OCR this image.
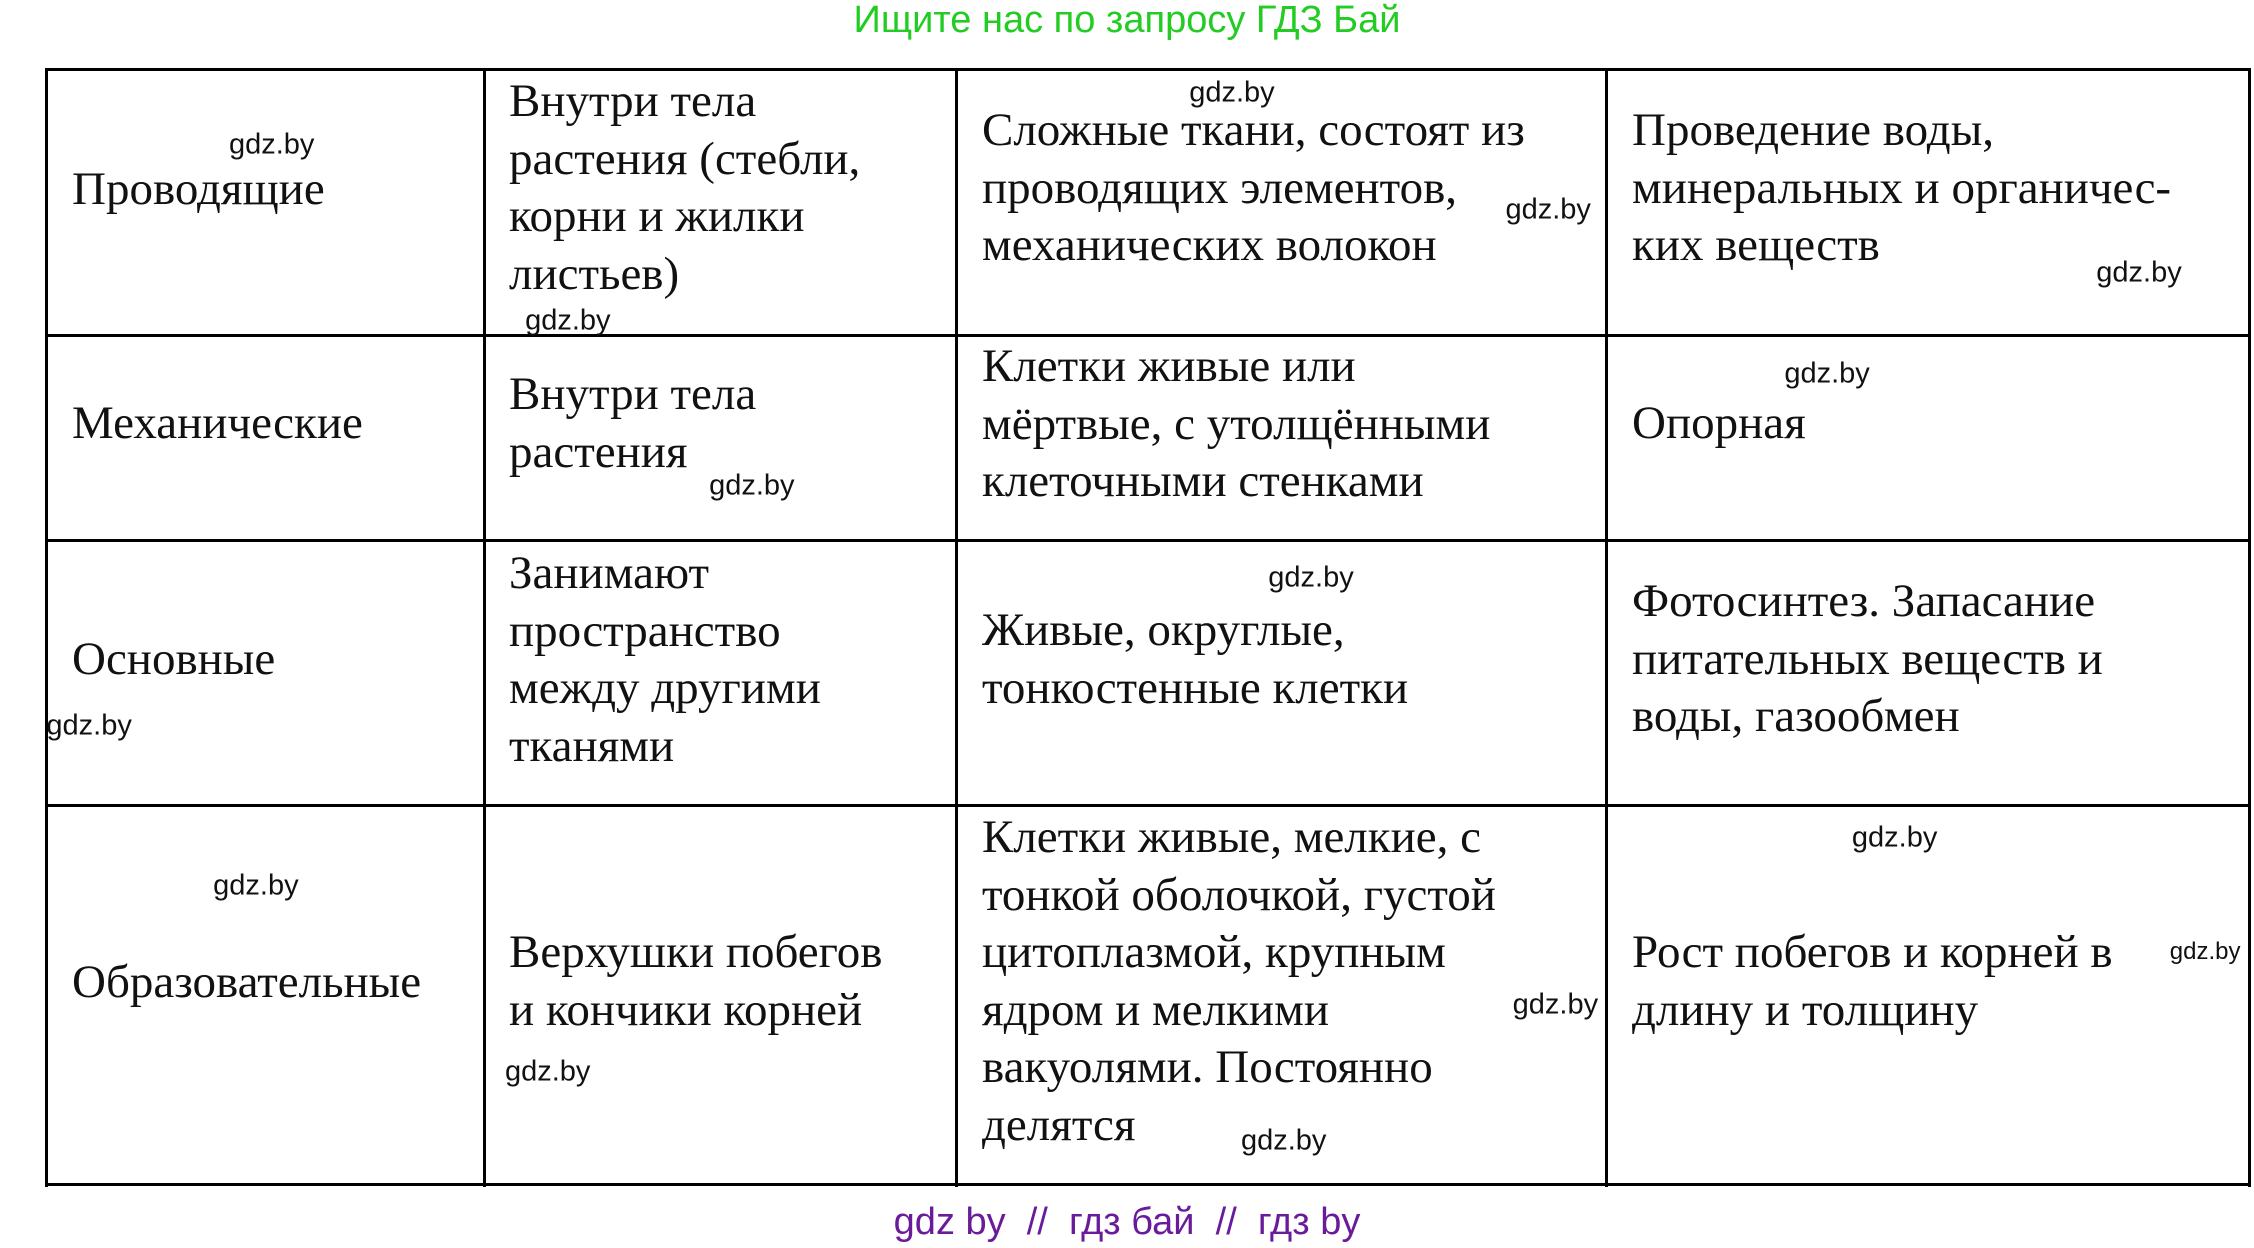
Ищите нас по запросу ГДЗ Бай
Проводящие
Внутри тела
растения (стебли,
корни и жилки
листьев)
Сложные ткани, состоят из
проводящих элементов,
механических волокон
Проведение воды,
минеральных и органичес-
ких веществ
Механические
Внутри тела
растения
Клетки живые или
мёртвые, с утолщёнными
клеточными стенками
Опорная
Основные
Занимают
пространство
между другими
тканями
Живые, округлые,
тонкостенные клетки
Фотосинтез. Запасание
питательных веществ и
воды, газообмен
Образовательные
Верхушки побегов
и кончики корней
Клетки живые, мелкие, с
тонкой оболочкой, густой
цитоплазмой, крупным
ядром и мелкими
вакуолями. Постоянно
делятся
Рост побегов и корней в
длину и толщину
gdz.by
gdz.by
gdz.by
gdz.by
gdz.by
gdz.by
gdz.by
gdz.by
gdz.by
gdz.by
gdz.by
gdz.by
gdz.by
gdz.by
gdz.by
gdz by  //  гдз бай  //  гдз by
